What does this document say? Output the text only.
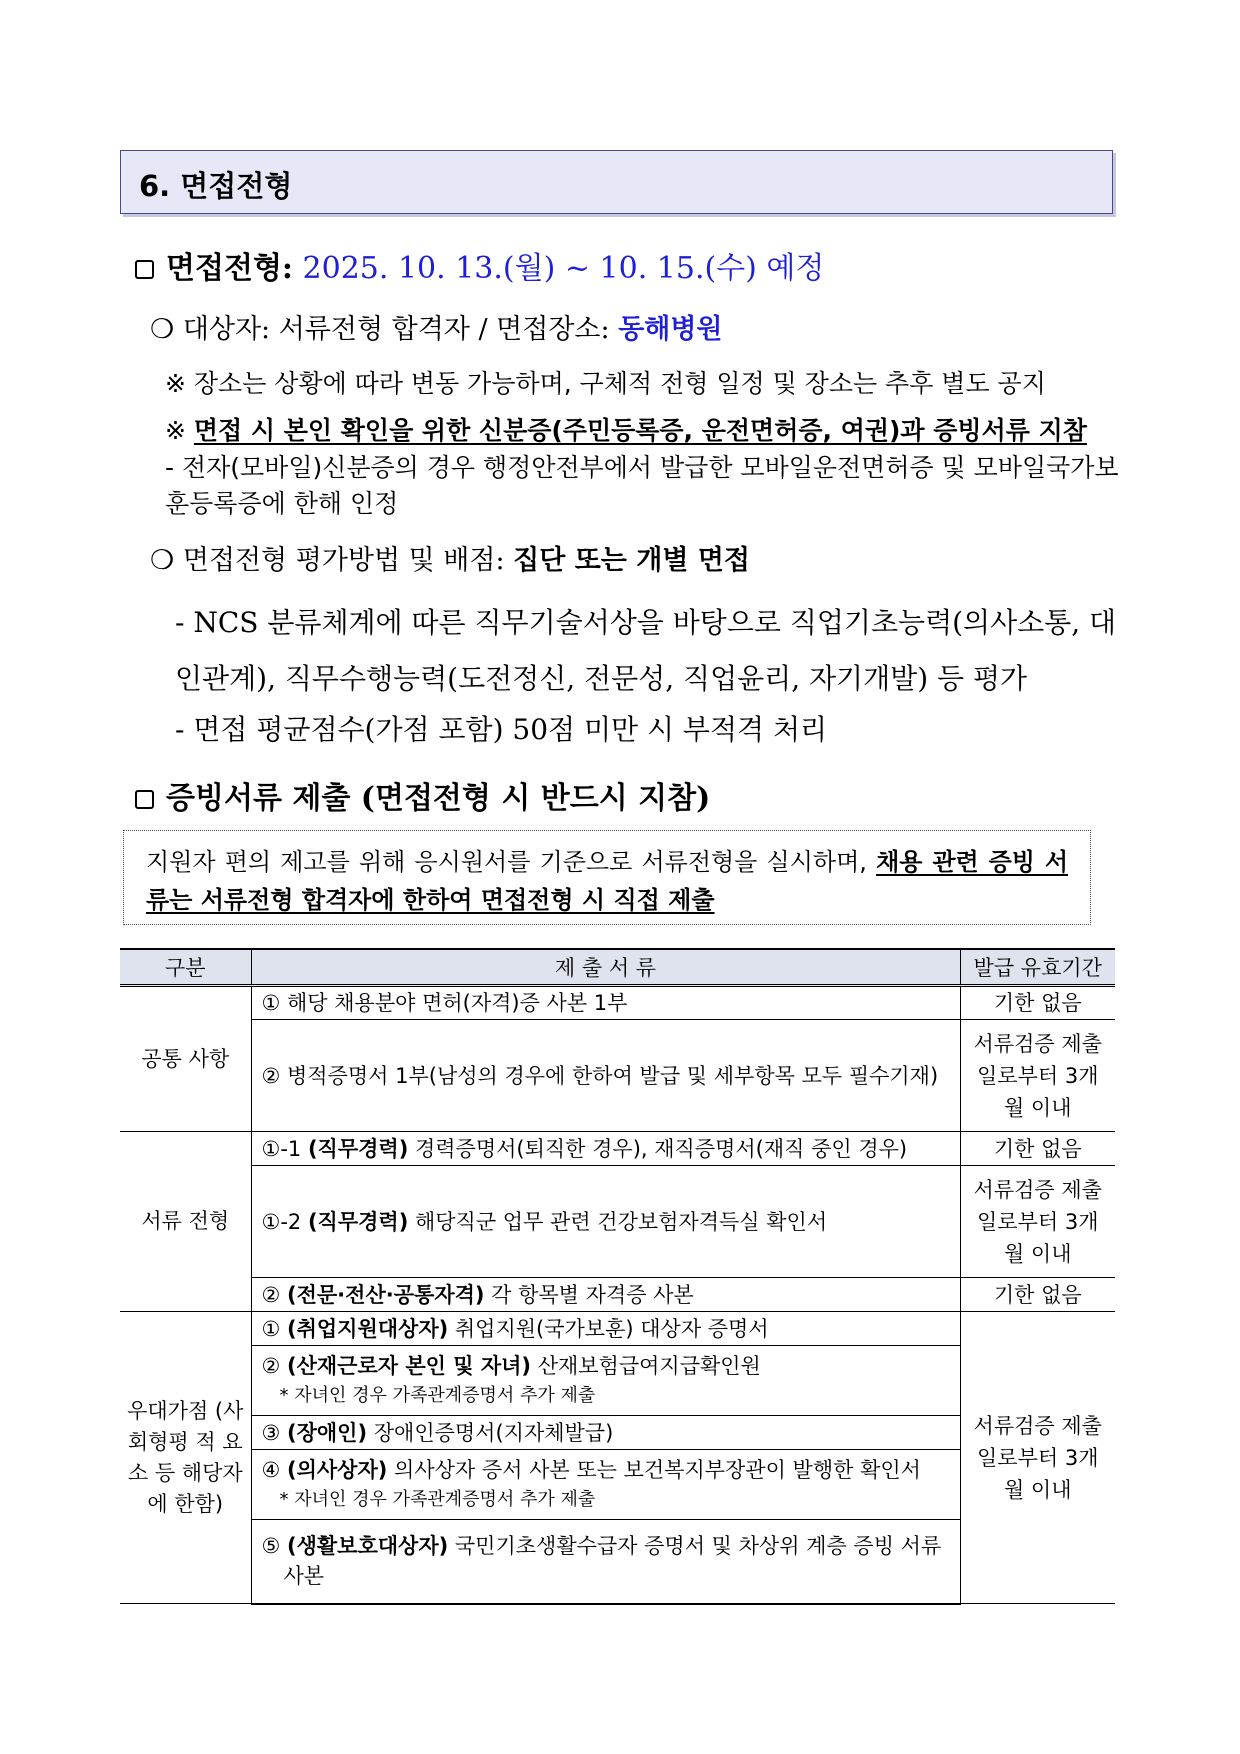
6. 면접전형
면접전형: 2025. 10. 13.(월) ~ 10. 15.(수) 예정
❍ 대상자: 서류전형 합격자 / 면접장소: 동해병원
※ 장소는 상황에 따라 변동 가능하며, 구체적 전형 일정 및 장소는 추후 별도 공지
※ 면접 시 본인 확인을 위한 신분증(주민등록증, 운전면허증, 여권)과 증빙서류 지참
- 전자(모바일)신분증의 경우 행정안전부에서 발급한 모바일운전면허증 및 모바일국가보훈등록증에 한해 인정
❍ 면접전형 평가방법 및 배점: 집단 또는 개별 면접
- NCS 분류체계에 따른 직무기술서상을 바탕으로 직업기초능력(의사소통, 대인관계), 직무수행능력(도전정신, 전문성, 직업윤리, 자기개발) 등 평가
- 면접 평균점수(가점 포함) 50점 미만 시 부적격 처리
증빙서류 제출 (면접전형 시 반드시 지참)
지원자 편의 제고를 위해 응시원서를 기준으로 서류전형을 실시하며, 채용 관련 증빙 서류는 서류전형 합격자에 한하여 면접전형 시 직접 제출
구분	제 출 서 류	발급 유효기간
공통 사항	① 해당 채용분야 면허(자격)증 사본 1부	기한 없음
	② 병적증명서 1부(남성의 경우에 한하여 발급 및 세부항목 모두 필수기재)	서류검증 제출일로부터 3개월 이내
서류 전형	①-1 (직무경력) 경력증명서(퇴직한 경우), 재직증명서(재직 중인 경우)	기한 없음
	①-2 (직무경력) 해당직군 업무 관련 건강보험자격득실 확인서	서류검증 제출일로부터 3개월 이내
	② (전문·전산·공통자격) 각 항목별 자격증 사본	기한 없음
우대가점 (사회형평 적 요소 등 해당자에 한함)	① (취업지원대상자) 취업지원(국가보훈) 대상자 증명서	서류검증 제출일로부터 3개월 이내
	② (산재근로자 본인 및 자녀) 산재보험급여지급확인원
* 자녀인 경우 가족관계증명서 추가 제출	

	③ (장애인) 장애인증명서(지자체발급)	
	④ (의사상자) 의사상자 증서 사본 또는 보건복지부장관이 발행한 확인서
* 자녀인 경우 가족관계증명서 추가 제출	

	⑤ (생활보호대상자) 국민기초생활수급자 증명서 및 차상위 계층 증빙 서류 사본	
